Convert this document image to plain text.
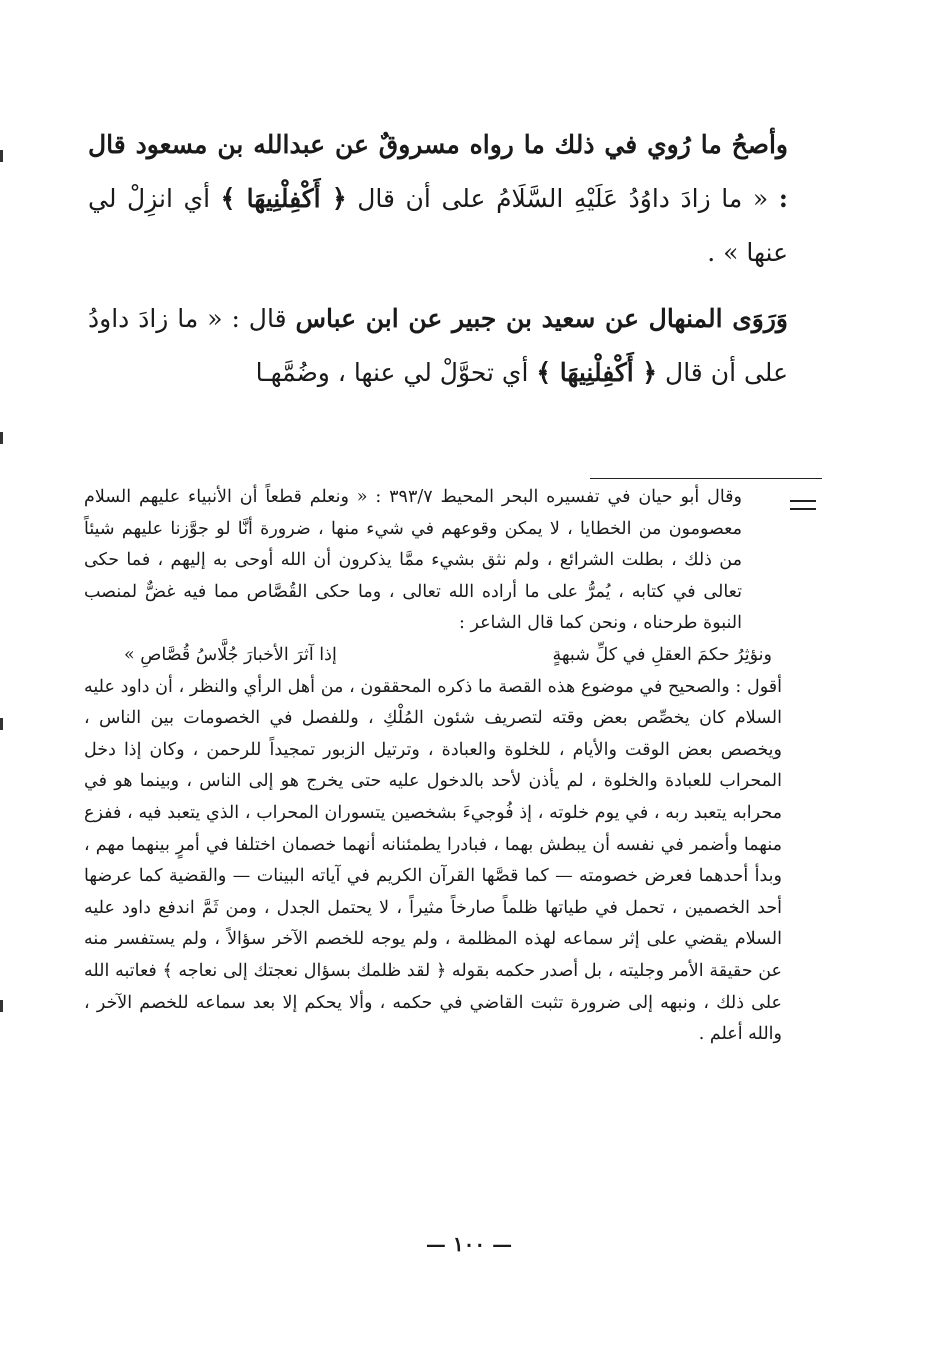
وأصحُ ما رُوي في ذلك ما رواه مسروقٌ عن عبدالله بن مسعود قال : « ما زادَ داوُدُ عَلَيْهِ السَّلَامُ على أن قال ﴿ أَكْفِلْنِيهَا ﴾ أي انزِلْ لي عنها » .

وَرَوَى المنهال عن سعيد بن جبير عن ابن عباس قال : « ما زادَ داودُ على أن قال ﴿ أَكْفِلْنِيهَا ﴾ أي تحوَّلْ لي عنها ، وضُمَّهـا

وقال أبو حيان في تفسيره البحر المحيط ٣٩٣/٧ : « ونعلم قطعاً أن الأنبياء عليهم السلام معصومون من الخطايا ، لا يمكن وقوعهم في شيء منها ، ضرورة أنَّا لو جوَّزنا عليهم شيئاً من ذلك ، بطلت الشرائع ، ولم نثق بشيء ممَّا يذكرون أن الله أوحى به إليهم ، فما حكى تعالى في كتابه ، يُمرُّ على ما أراده الله تعالى ، وما حكى القُصَّاص مما فيه غضٌّ لمنصب النبوة طرحناه ، ونحن كما قال الشاعر :

ونؤثِرُ حكمَ العقلِ في كلِّ شبهةٍ
إذا آثرَ الأخبارَ جُلَّاسُ قُصَّاصِ »

أقول : والصحيح في موضوع هذه القصة ما ذكره المحققون ، من أهل الرأي والنظر ، أن داود عليه السلام كان يخصِّص بعض وقته لتصريف شئون المُلْكِ ، وللفصل في الخصومات بين الناس ، ويخصص بعض الوقت والأيام ، للخلوة والعبادة ، وترتيل الزبور تمجيداً للرحمن ، وكان إذا دخل المحراب للعبادة والخلوة ، لم يأذن لأحد بالدخول عليه حتى يخرج هو إلى الناس ، وبينما هو في محرابه يتعبد ربه ، في يوم خلوته ، إذ فُوجيءَ بشخصين يتسوران المحراب ، الذي يتعبد فيه ، ففزع منهما وأضمر في نفسه أن يبطش بهما ، فبادرا يطمئنانه أنهما خصمان اختلفا في أمرٍ بينهما مهم ، وبدأ أحدهما فعرض خصومته — كما قصَّها القرآن الكريم في آياته البينات — والقضية كما عرضها أحد الخصمين ، تحمل في طياتها ظلماً صارخاً مثيراً ، لا يحتمل الجدل ، ومن ثَمَّ اندفع داود عليه السلام يقضي على إثر سماعه لهذه المظلمة ، ولم يوجه للخصم الآخر سؤالاً ، ولم يستفسر منه عن حقيقة الأمر وجليته ، بل أصدر حكمه بقوله ﴿ لقد ظلمك بسؤال نعجتك إلى نعاجه ﴾ فعاتبه الله على ذلك ، ونبهه إلى ضرورة تثبت القاضي في حكمه ، وألا يحكم إلا بعد سماعه للخصم الآخر ، والله أعلم .

— ١٠٠ —
